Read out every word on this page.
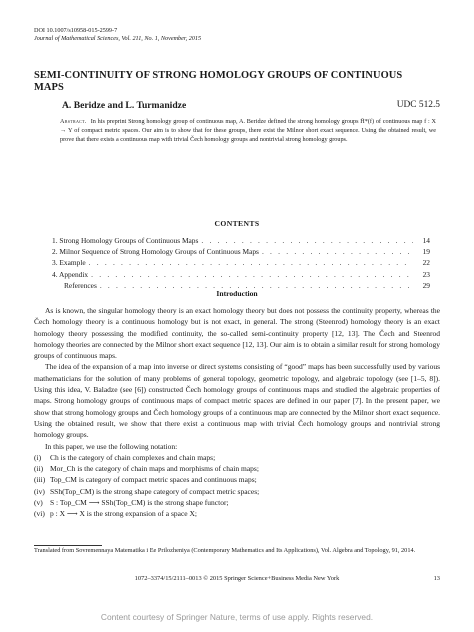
DOI 10.1007/s10958-015-2599-7
Journal of Mathematical Sciences, Vol. 211, No. 1, November, 2015
SEMI-CONTINUITY OF STRONG HOMOLOGY GROUPS OF CONTINUOUS MAPS
A. Beridze and L. Turmanidze	UDC 512.5
Abstract. In his preprint Strong homology group of continuous map, A. Beridze defined the strong homology groups H̄*(f) of continuous map f : X → Y of compact metric spaces. Our aim is to show that for these groups, there exist the Milnor short exact sequence. Using the obtained result, we prove that there exists a continuous map with trivial Čech homology groups and nontrivial strong homology groups.
CONTENTS
1. Strong Homology Groups of Continuous Maps . . .	14
2. Milnor Sequence of Strong Homology Groups of Continuous Maps . . .	19
3. Example . . .	22
4. Appendix . . .	23
References . . .	29
Introduction

As is known, the singular homology theory is an exact homology theory but does not possess the continuity property, whereas the Čech homology theory is a continuous homology but is not exact, in general. The strong (Steenrod) homology theory is an exact homology theory possessing the modified continuity, the so-called semi-continuity property [12, 13]. The Čech and Steenrod homology theories are connected by the Milnor short exact sequence [12, 13]. Our aim is to obtain a similar result for strong homology groups of continuous maps.

The idea of the expansion of a map into inverse or direct systems consisting of “good” maps has been successfully used by various mathematicians for the solution of many problems of general topology, geometric topology, and algebraic topology (see [1–5, 8]). Using this idea, V. Baladze (see [6]) constructed Čech homology groups of continuous maps and studied the algebraic properties of maps. Strong homology groups of continuous maps of compact metric spaces are defined in our paper [7]. In the present paper, we show that strong homology groups and Čech homology groups of a continuous map are connected by the Milnor short exact sequence. Using the obtained result, we show that there exist a continuous map with trivial Čech homology groups and nontrivial strong homology groups.

In this paper, we use the following notation:

(i)	Ch is the category of chain complexes and chain maps;
(ii) Mor_Ch is the category of chain maps and morphisms of chain maps;
(iii) Top_CM is category of compact metric spaces and continuous maps;
(iv) SSh(Top_CM) is the strong shape category of compact metric spaces;
(v) S : Top_CM ⟶ SSh(Top_CM) is the strong shape functor;
(vi) p : X ⟶ X is the strong expansion of a space X;
Translated from Sovremennaya Matematika i Ee Prilozheniya (Contemporary Mathematics and Its Applications), Vol. Algebra and Topology, 91, 2014.
1072–3374/15/2111–0013 © 2015 Springer Science+Business Media New York	13
Content courtesy of Springer Nature, terms of use apply. Rights reserved.
